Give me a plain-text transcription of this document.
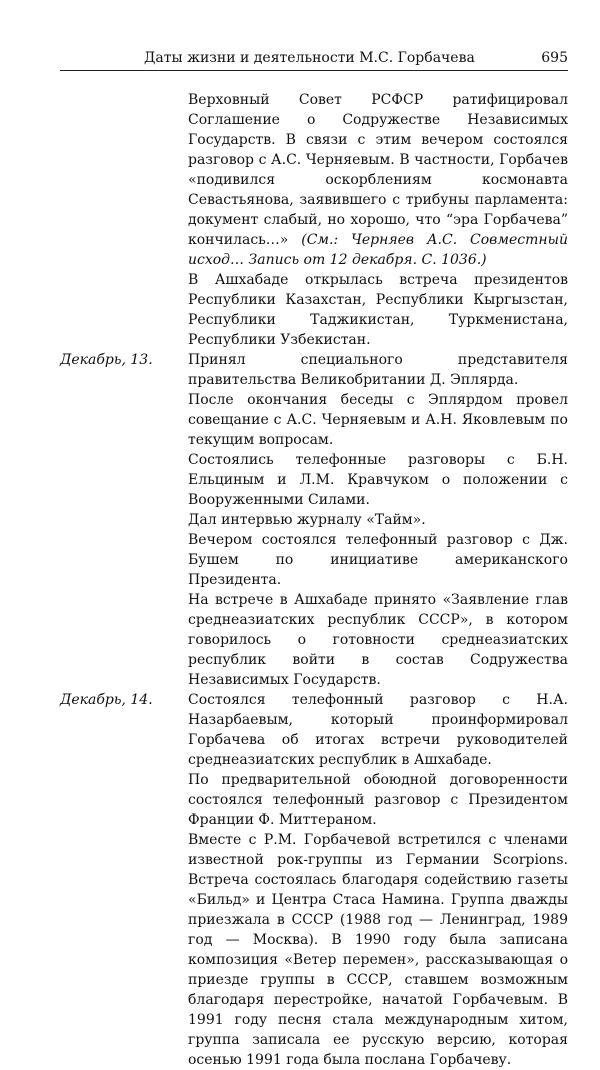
Даты жизни и деятельности М.С. Горбачева	695

Верховный Совет РСФСР ратифицировал Соглашение о Содружестве Независимых Государств. В связи с этим вечером состоялся разговор с А.С. Черняевым. В частности, Горбачев «подивился оскорблениям космонавта Севастьянова, заявившего с трибуны парламента: документ слабый, но хорошо, что “эра Горбачева” кончилась…» (См.: Черняев А.С. Совместный исход… Запись от 12 декабря. С. 1036.)

В Ашхабаде открылась встреча президентов Республики Казахстан, Республики Кыргызстан, Республики Таджикистан, Туркменистана, Республики Узбекистан.

Декабрь, 13.	Принял специального представителя правительства Великобритании Д. Эплярда.

После окончания беседы с Эплярдом провел совещание с А.С. Черняевым и А.Н. Яковлевым по текущим вопросам.

Состоялись телефонные разговоры с Б.Н. Ельциным и Л.М. Кравчуком о положении с Вооруженными Силами.

Дал интервью журналу «Тайм».

Вечером состоялся телефонный разговор с Дж. Бушем по инициативе американского Президента.

На встрече в Ашхабаде принято «Заявление глав среднеазиатских республик СССР», в котором говорилось о готовности среднеазиатских республик войти в состав Содружества Независимых Государств.

Декабрь, 14.	Состоялся телефонный разговор с Н.А. Назарбаевым, который проинформировал Горбачева об итогах встречи руководителей среднеазиатских республик в Ашхабаде.

По предварительной обоюдной договоренности состоялся телефонный разговор с Президентом Франции Ф. Миттераном.

Вместе с Р.М. Горбачевой встретился с членами известной рок-группы из Германии Scorpions. Встреча состоялась благодаря содействию газеты «Бильд» и Центра Стаса Намина. Группа дважды приезжала в СССР (1988 год — Ленинград, 1989 год — Москва). В 1990 году была записана композиция «Ветер перемен», рассказывающая о приезде группы в СССР, ставшем возможным благодаря перестройке, начатой Горбачевым. В 1991 году песня стала международным хитом, группа записала ее русскую версию, которая осенью 1991 года была послана Горбачеву.
